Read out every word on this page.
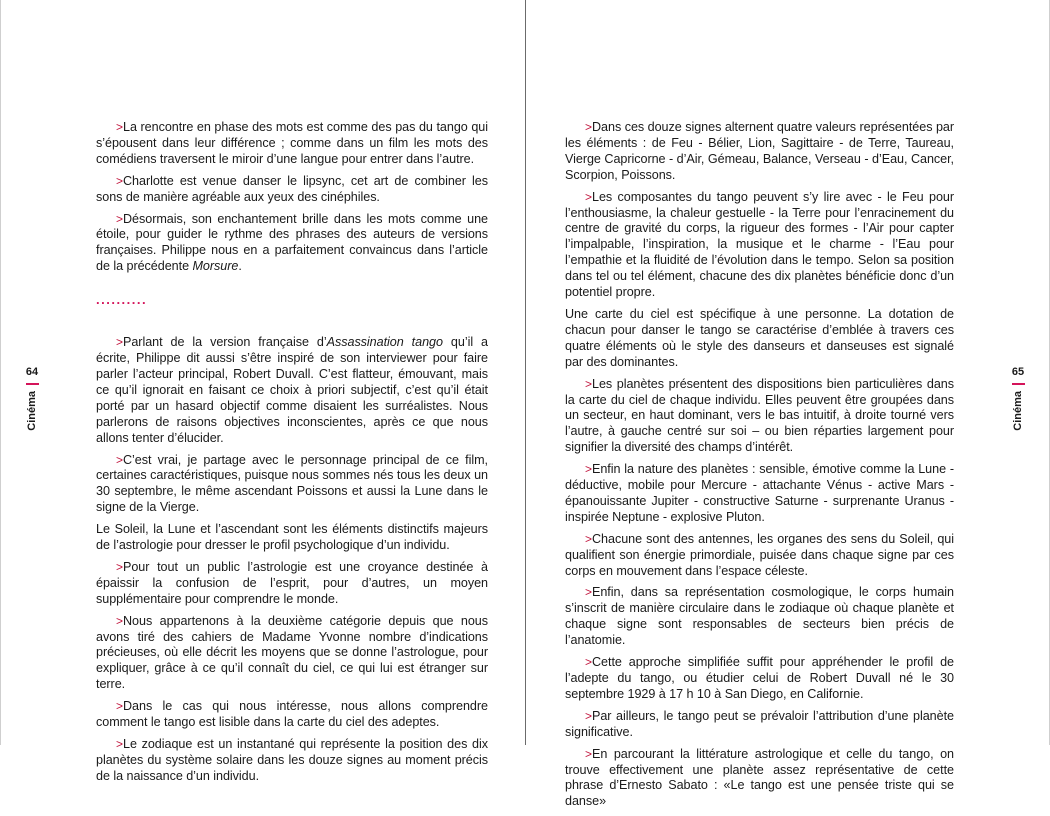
>La rencontre en phase des mots est comme des pas du tango qui s’épousent dans leur différence ; comme dans un film les mots des comédiens traversent le miroir d’une langue pour entrer dans l’autre.

>Charlotte est venue danser le lipsync, cet art de combiner les sons de manière agréable aux yeux des cinéphiles.

>Désormais, son enchantement brille dans les mots comme une étoile, pour guider le rythme des phrases des auteurs de versions françaises. Philippe nous en a parfaitement convaincus dans l’article de la précédente Morsure.

..........

>Parlant de la version française d’Assassination tango qu’il a écrite, Philippe dit aussi s’être inspiré de son interviewer pour faire parler l’acteur principal, Robert Duvall. C’est flatteur, émouvant, mais ce qu’il ignorait en faisant ce choix à priori subjectif, c’est qu’il était porté par un hasard objectif comme disaient les surréalistes. Nous parlerons de raisons objectives inconscientes, après ce que nous allons tenter d’élucider.

>C’est vrai, je partage avec le personnage principal de ce film, certaines caractéristiques, puisque nous sommes nés tous les deux un 30 septembre, le même ascendant Poissons et aussi la Lune dans le signe de la Vierge.

Le Soleil, la Lune et l’ascendant sont les éléments distinctifs majeurs de l’astrologie pour dresser le profil psychologique d’un individu.

>Pour tout un public l’astrologie est une croyance destinée à épaissir la confusion de l’esprit, pour d’autres, un moyen supplémentaire pour comprendre le monde.

>Nous appartenons à la deuxième catégorie depuis que nous avons tiré des cahiers de Madame Yvonne nombre d’indications précieuses, où elle décrit les moyens que se donne l’astrologue, pour expliquer, grâce à ce qu’il connaît du ciel, ce qui lui est étranger sur terre.

>Dans le cas qui nous intéresse, nous allons comprendre comment le tango est lisible dans la carte du ciel des adeptes.

>Le zodiaque est un instantané qui représente la position des dix planètes du système solaire dans les douze signes au moment précis de la naissance d’un individu.

64
Cinéma

>Dans ces douze signes alternent quatre valeurs représentées par les éléments : de Feu - Bélier, Lion, Sagittaire - de Terre, Taureau, Vierge Capricorne - d’Air, Gémeau, Balance, Verseau - d’Eau, Cancer, Scorpion, Poissons.

>Les composantes du tango peuvent s’y lire avec - le Feu pour l’enthousiasme, la chaleur gestuelle - la Terre pour l’enracinement du centre de gravité du corps, la rigueur des formes - l’Air pour capter l’impalpable, l’inspiration, la musique et le charme - l’Eau pour l’empathie et la fluidité de l’évolution dans le tempo. Selon sa position dans tel ou tel élément, chacune des dix planètes bénéficie donc d’un potentiel propre.

Une carte du ciel est spécifique à une personne. La dotation de chacun pour danser le tango se caractérise d’emblée à travers ces quatre éléments où le style des danseurs et danseuses est signalé par des dominantes.

>Les planètes présentent des dispositions bien particulières dans la carte du ciel de chaque individu. Elles peuvent être groupées dans un secteur, en haut dominant, vers le bas intuitif, à droite tourné vers l’autre, à gauche centré sur soi – ou bien réparties largement pour signifier la diversité des champs d’intérêt.

>Enfin la nature des planètes : sensible, émotive comme la Lune - déductive, mobile pour Mercure - attachante Vénus - active Mars - épanouissante Jupiter - constructive Saturne - surprenante Uranus - inspirée Neptune - explosive Pluton.

>Chacune sont des antennes, les organes des sens du Soleil, qui qualifient son énergie primordiale, puisée dans chaque signe par ces corps en mouvement dans l’espace céleste.

>Enfin, dans sa représentation cosmologique, le corps humain s’inscrit de manière circulaire dans le zodiaque où chaque planète et chaque signe sont responsables de secteurs bien précis de l’anatomie.

>Cette approche simplifiée suffit pour appréhender le profil de l’adepte du tango, ou étudier celui de Robert Duvall né le 30 septembre 1929 à 17 h 10 à San Diego, en Californie.

>Par ailleurs, le tango peut se prévaloir l’attribution d’une planète significative.

>En parcourant la littérature astrologique et celle du tango, on trouve effectivement une planète assez représentative de cette phrase d’Ernesto Sabato : «Le tango est une pensée triste qui se danse»

65
Cinéma
